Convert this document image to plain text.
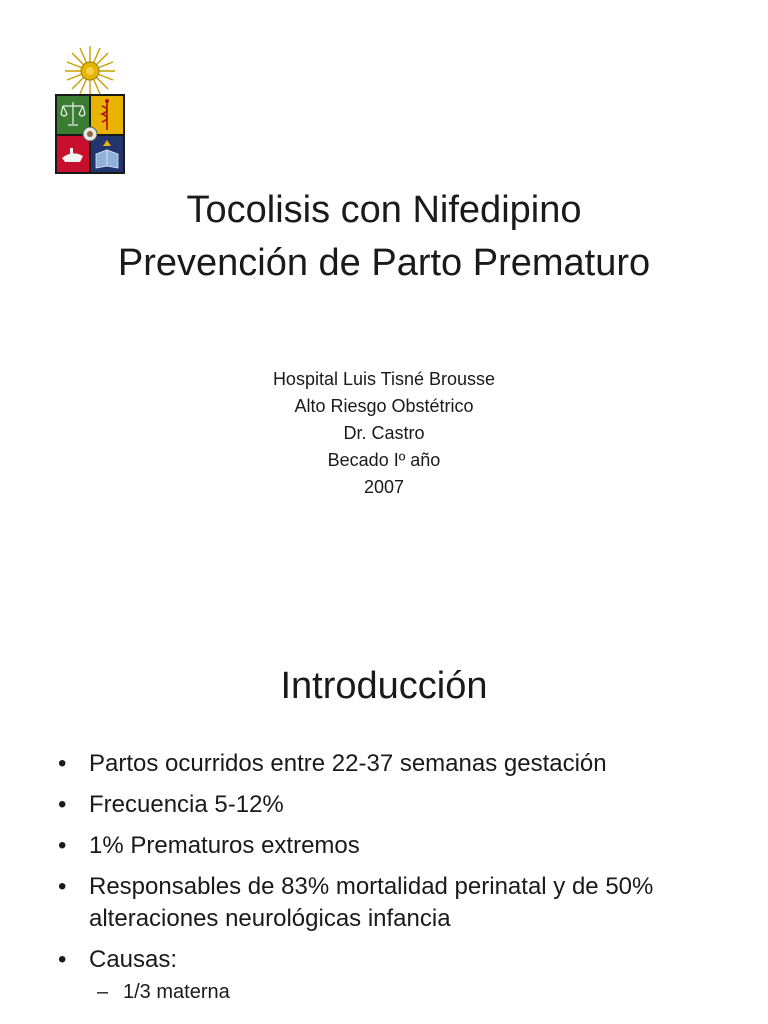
Tocolisis con Nifedipino
Prevención de Parto Prematuro
Hospital Luis Tisné Brousse
Alto Riesgo Obstétrico
Dr. Castro
Becado Iº año
2007
Introducción
• Partos ocurridos entre 22-37 semanas gestación
• Frecuencia 5-12%
• 1% Prematuros extremos
• Responsables de 83% mortalidad perinatal y de 50% alteraciones neurológicas infancia
• Causas:
– 1/3 materna
